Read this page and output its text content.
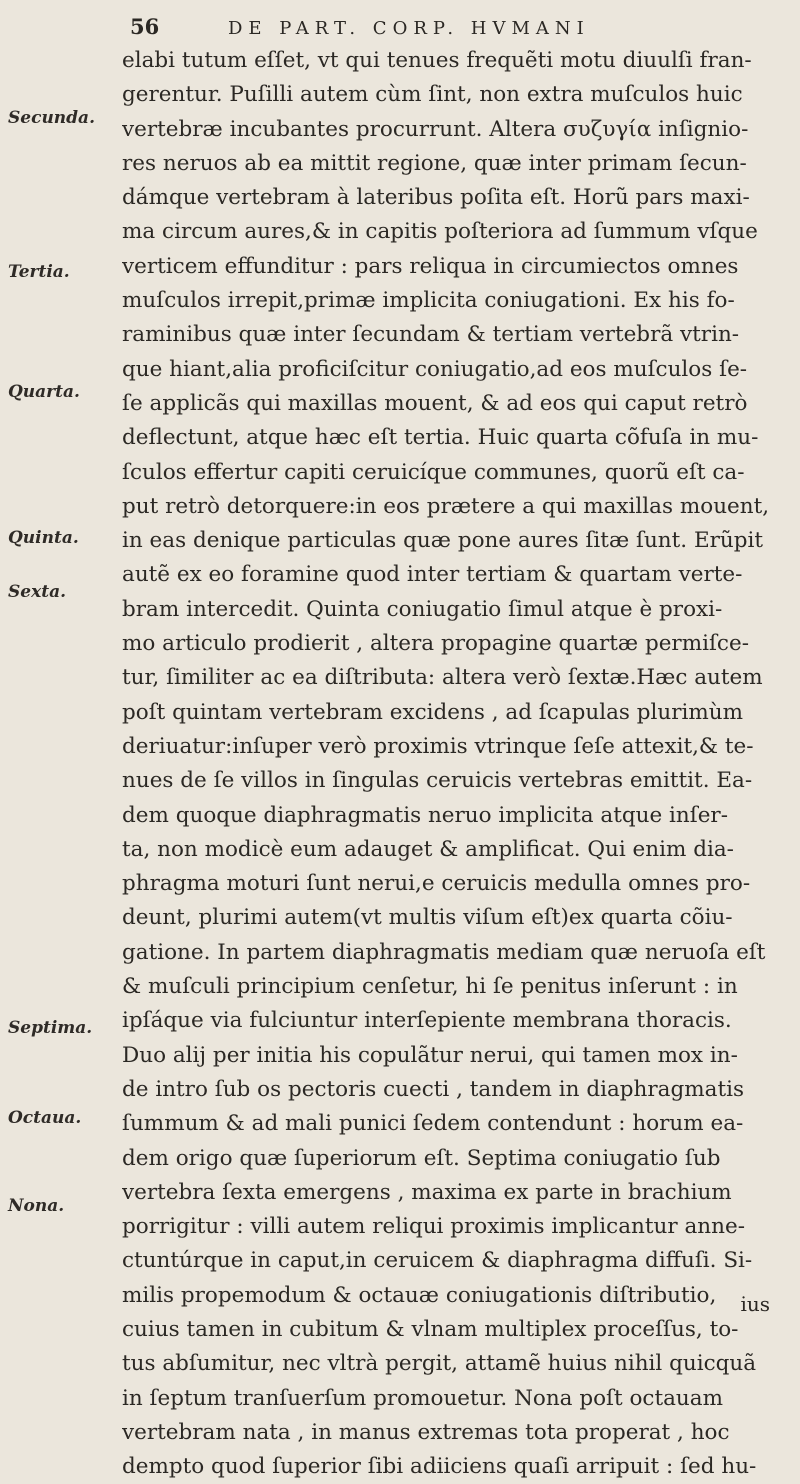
56	DE PART. CORP. HVMANI
Secunda.
Tertia.
Quarta.
Quinta.
Sexta.
Septima.
Octaua.
Nona.
elabi tutum eſſet, vt qui tenues frequẽti motu diuulſi fran-
gerentur. Puſilli autem cùm ſint, non extra muſculos huic
vertebræ incubantes procurrunt. Altera συζυγία inſignio-
res neruos ab ea mittit regione, quæ inter primam ſecun-
dámque vertebram à lateribus poſita eſt. Horũ pars maxi-
ma circum aures,& in capitis poſteriora ad ſummum vſque
verticem effunditur : pars reliqua in circumiectos omnes
muſculos irrepit,primæ implicita coniugationi. Ex his fo-
raminibus quæ inter ſecundam & tertiam vertebrã vtrin-
que hiant,alia proficiſcitur coniugatio,ad eos muſculos ſe-
ſe applicãs qui maxillas mouent, & ad eos qui caput retrò
deflectunt, atque hæc eſt tertia. Huic quarta cõfuſa in mu-
ſculos effertur capiti ceruicíque communes, quorũ eſt ca-
put retrò detorquere:in eos prætere a qui maxillas mouent,
in eas denique particulas quæ pone aures ſitæ ſunt. Erũpit
autẽ ex eo foramine quod inter tertiam & quartam verte-
bram intercedit. Quinta coniugatio ſimul atque è proxi-
mo articulo prodierit , altera propagine quartæ permiſce-
tur, ſimiliter ac ea diſtributa: altera verò ſextæ.Hæc autem
poſt quintam vertebram excidens , ad ſcapulas plurimùm
deriuatur:inſuper verò proximis vtrinque ſeſe attexit,& te-
nues de ſe villos in ſingulas ceruicis vertebras emittit. Ea-
dem quoque diaphragmatis neruo implicita atque inſer-
ta, non modicè eum adauget & amplificat. Qui enim dia-
phragma moturi ſunt nerui,e ceruicis medulla omnes pro-
deunt, plurimi autem(vt multis viſum eſt)ex quarta cõiu-
gatione. In partem diaphragmatis mediam quæ neruoſa eſt
& muſculi principium cenſetur, hi ſe penitus inſerunt : in
ipſáque via fulciuntur interſepiente membrana thoracis.
Duo alij per initia his copulãtur nerui, qui tamen mox in-
de intro ſub os pectoris cuecti , tandem in diaphragmatis
ſummum & ad mali punici ſedem contendunt : horum ea-
dem origo quæ ſuperiorum eſt. Septima coniugatio ſub
vertebra ſexta emergens , maxima ex parte in brachium
porrigitur : villi autem reliqui proximis implicantur anne-
ctuntúrque in caput,in ceruicem & diaphragma diffuſi. Si-
milis propemodum & octauæ coniugationis diſtributio,
cuius tamen in cubitum & vlnam multiplex proceſſus, to-
tus abſumitur, nec vltrà pergit, attamẽ huius nihil quicquã
in ſeptum tranſuerſum promouetur. Nona poſt octauam
vertebram nata , in manus extremas tota properat , hoc
dempto quod ſuperior ſibi adiiciens quaſi arripuit : ſed hu-
ius
